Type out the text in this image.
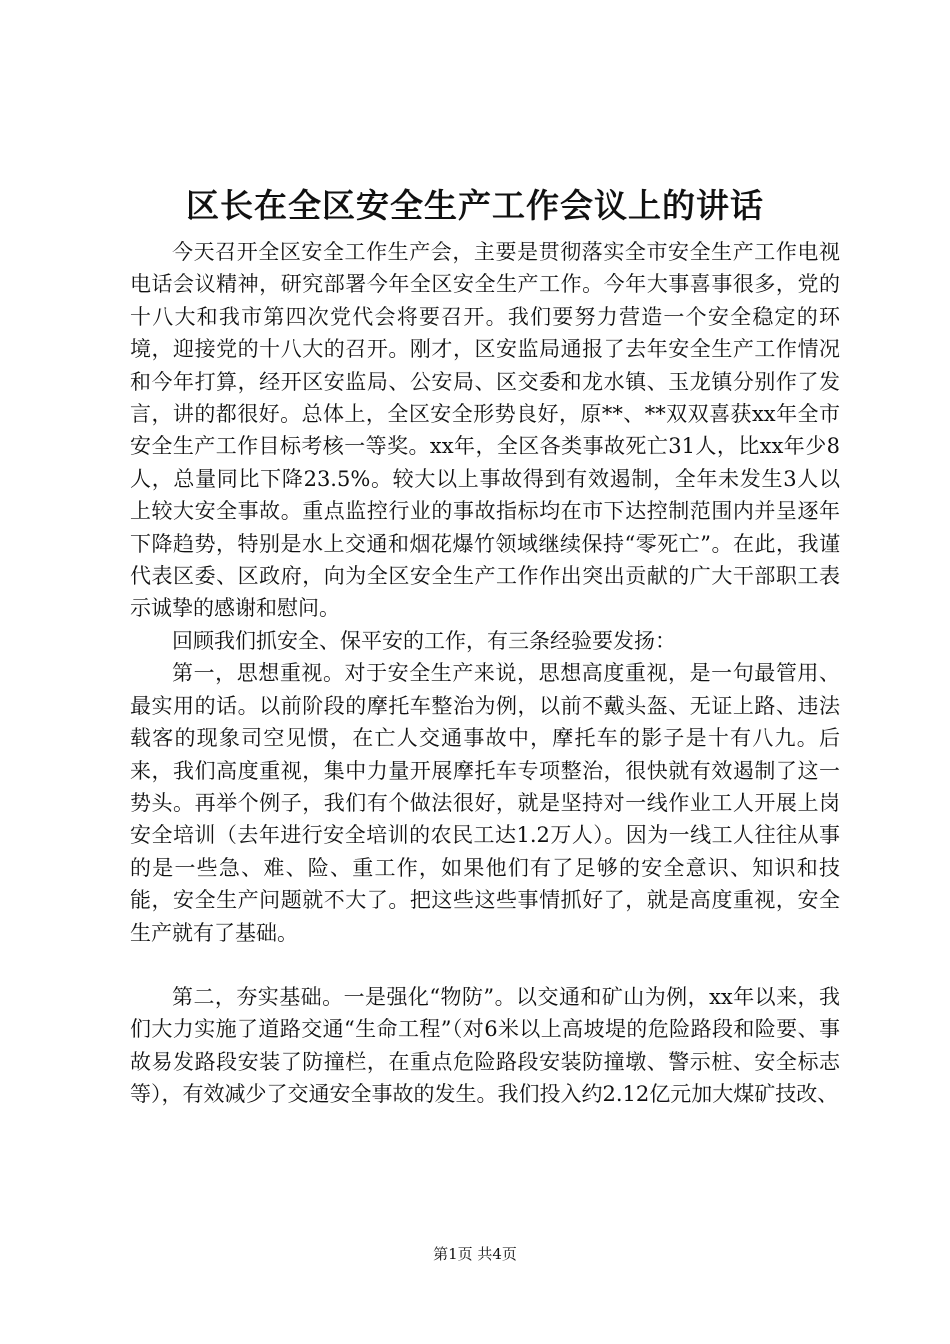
区长在全区安全生产工作会议上的讲话

今天召开全区安全工作生产会，主要是贯彻落实全市安全生产工作电视电话会议精神，研究部署今年全区安全生产工作。今年大事喜事很多，党的十八大和我市第四次党代会将要召开。我们要努力营造一个安全稳定的环境，迎接党的十八大的召开。刚才，区安监局通报了去年安全生产工作情况和今年打算，经开区安监局、公安局、区交委和龙水镇、玉龙镇分别作了发言，讲的都很好。总体上，全区安全形势良好，原**、**双双喜获xx年全市安全生产工作目标考核一等奖。xx年，全区各类事故死亡31人，比xx年少8人，总量同比下降23.5%。较大以上事故得到有效遏制，全年未发生3人以上较大安全事故。重点监控行业的事故指标均在市下达控制范围内并呈逐年下降趋势，特别是水上交通和烟花爆竹领域继续保持“零死亡”。在此，我谨代表区委、区政府，向为全区安全生产工作作出突出贡献的广大干部职工表示诚挚的感谢和慰问。

回顾我们抓安全、保平安的工作，有三条经验要发扬：

第一，思想重视。对于安全生产来说，思想高度重视，是一句最管用、最实用的话。以前阶段的摩托车整治为例，以前不戴头盔、无证上路、违法载客的现象司空见惯，在亡人交通事故中，摩托车的影子是十有八九。后来，我们高度重视，集中力量开展摩托车专项整治，很快就有效遏制了这一势头。再举个例子，我们有个做法很好，就是坚持对一线作业工人开展上岗安全培训（去年进行安全培训的农民工达1.2万人）。因为一线工人往往从事的是一些急、难、险、重工作，如果他们有了足够的安全意识、知识和技能，安全生产问题就不大了。把这些这些事情抓好了，就是高度重视，安全生产就有了基础。

第二，夯实基础。一是强化“物防”。以交通和矿山为例，xx年以来，我们大力实施了道路交通“生命工程”（对6米以上高坡堤的危险路段和险要、事故易发路段安装了防撞栏，在重点危险路段安装防撞墩、警示桩、安全标志等），有效减少了交通安全事故的发生。我们投入约2.12亿元加大煤矿技改、

第1页 共4页
